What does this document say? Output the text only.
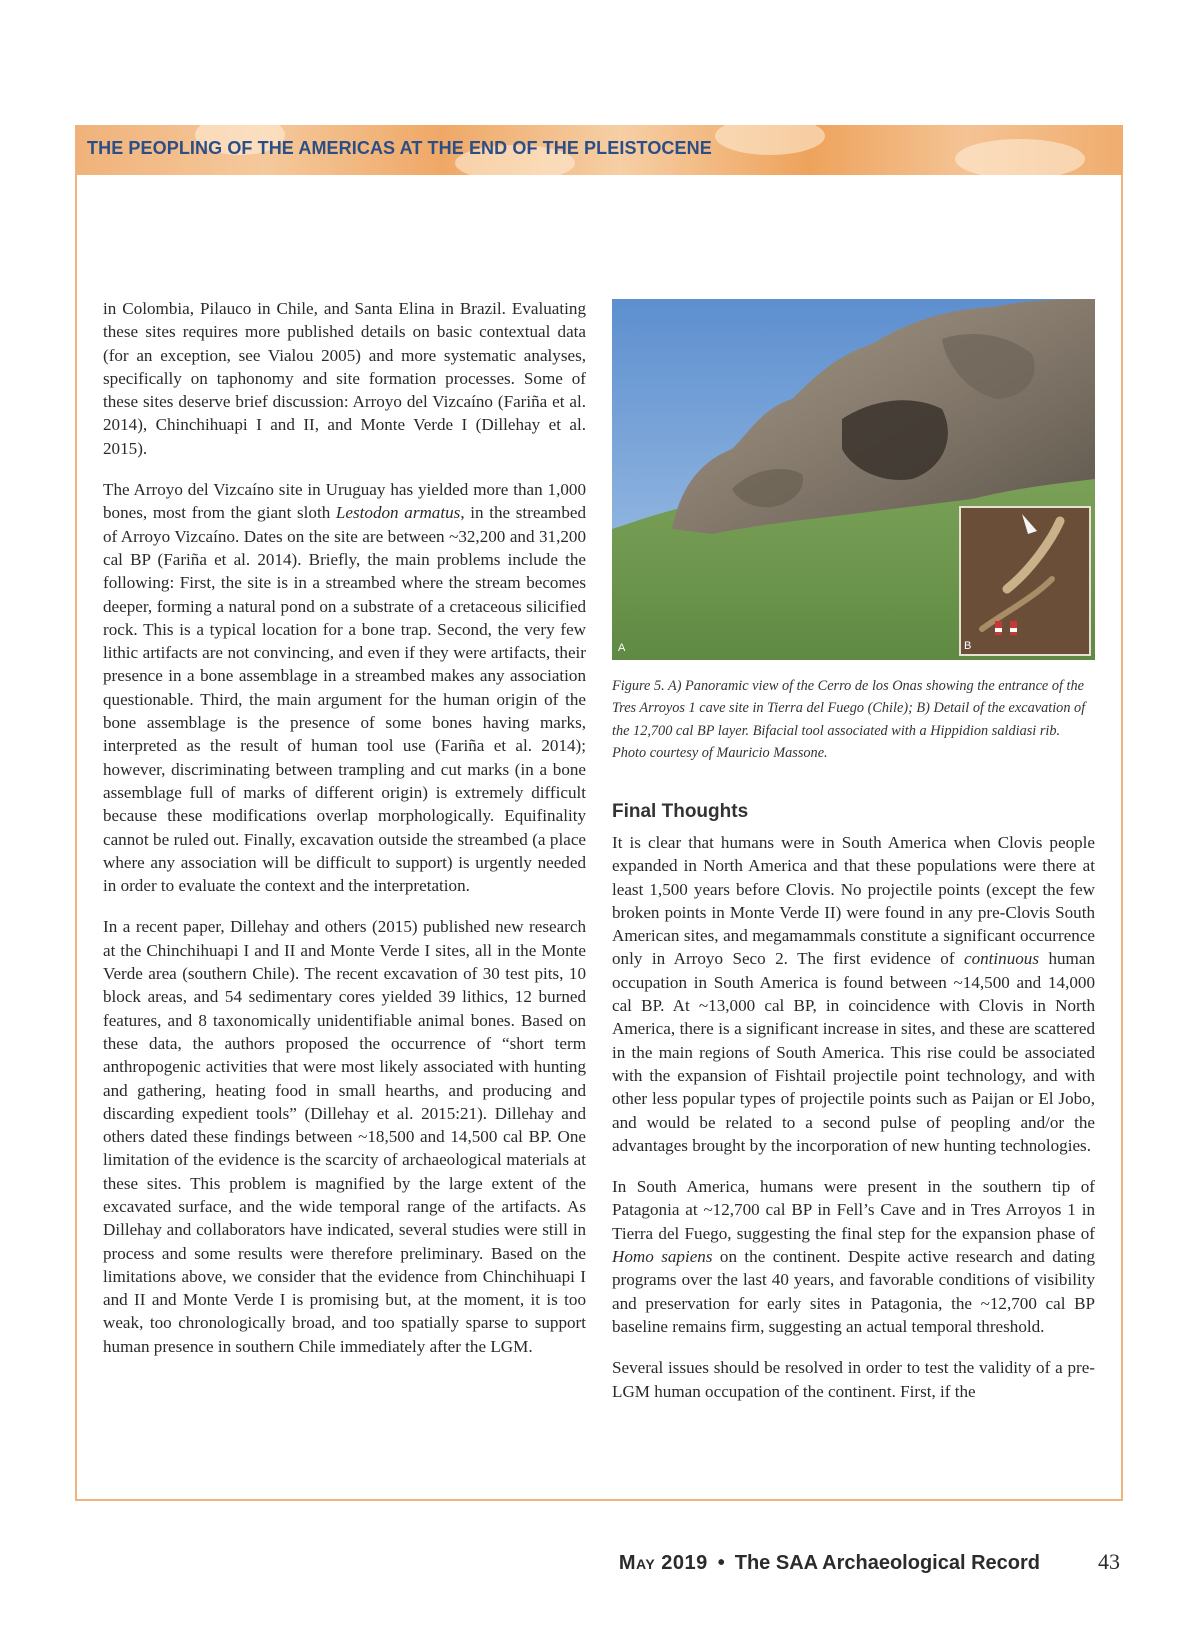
THE PEOPLING OF THE AMERICAS AT THE END OF THE PLEISTOCENE

in Colombia, Pilauco in Chile, and Santa Elina in Brazil. Evaluating these sites requires more published details on basic contextual data (for an exception, see Vialou 2005) and more systematic analyses, specifically on taphonomy and site formation processes. Some of these sites deserve brief discussion: Arroyo del Vizcaíno (Fariña et al. 2014), Chinchihuapi I and II, and Monte Verde I (Dillehay et al. 2015).

The Arroyo del Vizcaíno site in Uruguay has yielded more than 1,000 bones, most from the giant sloth Lestodon armatus, in the streambed of Arroyo Vizcaíno. Dates on the site are between ~32,200 and 31,200 cal BP (Fariña et al. 2014). Briefly, the main problems include the following: First, the site is in a streambed where the stream becomes deeper, forming a natural pond on a substrate of a cretaceous silicified rock. This is a typical location for a bone trap. Second, the very few lithic artifacts are not convincing, and even if they were artifacts, their presence in a bone assemblage in a streambed makes any association questionable. Third, the main argument for the human origin of the bone assemblage is the presence of some bones having marks, interpreted as the result of human tool use (Fariña et al. 2014); however, discriminating between trampling and cut marks (in a bone assemblage full of marks of different origin) is extremely difficult because these modifications overlap morphologically. Equifinality cannot be ruled out. Finally, excavation outside the streambed (a place where any association will be difficult to support) is urgently needed in order to evaluate the context and the interpretation.

In a recent paper, Dillehay and others (2015) published new research at the Chinchihuapi I and II and Monte Verde I sites, all in the Monte Verde area (southern Chile). The recent excavation of 30 test pits, 10 block areas, and 54 sedimentary cores yielded 39 lithics, 12 burned features, and 8 taxonomically unidentifiable animal bones. Based on these data, the authors proposed the occurrence of “short term anthropogenic activities that were most likely associated with hunting and gathering, heating food in small hearths, and producing and discarding expedient tools” (Dillehay et al. 2015:21). Dillehay and others dated these findings between ~18,500 and 14,500 cal BP. One limitation of the evidence is the scarcity of archaeological materials at these sites. This problem is magnified by the large extent of the excavated surface, and the wide temporal range of the artifacts. As Dillehay and collaborators have indicated, several studies were still in process and some results were therefore preliminary. Based on the limitations above, we consider that the evidence from Chinchihuapi I and II and Monte Verde I is promising but, at the moment, it is too weak, too chronologically broad, and too spatially sparse to support human presence in southern Chile immediately after the LGM.

A	B
Figure 5. A) Panoramic view of the Cerro de los Onas showing the entrance of the Tres Arroyos 1 cave site in Tierra del Fuego (Chile); B) Detail of the excavation of the 12,700 cal BP layer. Bifacial tool associated with a Hippidion saldiasi rib. Photo courtesy of Mauricio Massone.
Final Thoughts

It is clear that humans were in South America when Clovis people expanded in North America and that these populations were there at least 1,500 years before Clovis. No projectile points (except the few broken points in Monte Verde II) were found in any pre-Clovis South American sites, and megamammals constitute a significant occurrence only in Arroyo Seco 2. The first evidence of continuous human occupation in South America is found between ~14,500 and 14,000 cal BP. At ~13,000 cal BP, in coincidence with Clovis in North America, there is a significant increase in sites, and these are scattered in the main regions of South America. This rise could be associated with the expansion of Fishtail projectile point technology, and with other less popular types of projectile points such as Paijan or El Jobo, and would be related to a second pulse of peopling and/or the advantages brought by the incorporation of new hunting technologies.

In South America, humans were present in the southern tip of Patagonia at ~12,700 cal BP in Fell’s Cave and in Tres Arroyos 1 in Tierra del Fuego, suggesting the final step for the expansion phase of Homo sapiens on the continent. Despite active research and dating programs over the last 40 years, and favorable conditions of visibility and preservation for early sites in Patagonia, the ~12,700 cal BP baseline remains firm, suggesting an actual temporal threshold.

Several issues should be resolved in order to test the validity of a pre-LGM human occupation of the continent. First, if the

May 2019 • The SAA Archaeological Record	43
